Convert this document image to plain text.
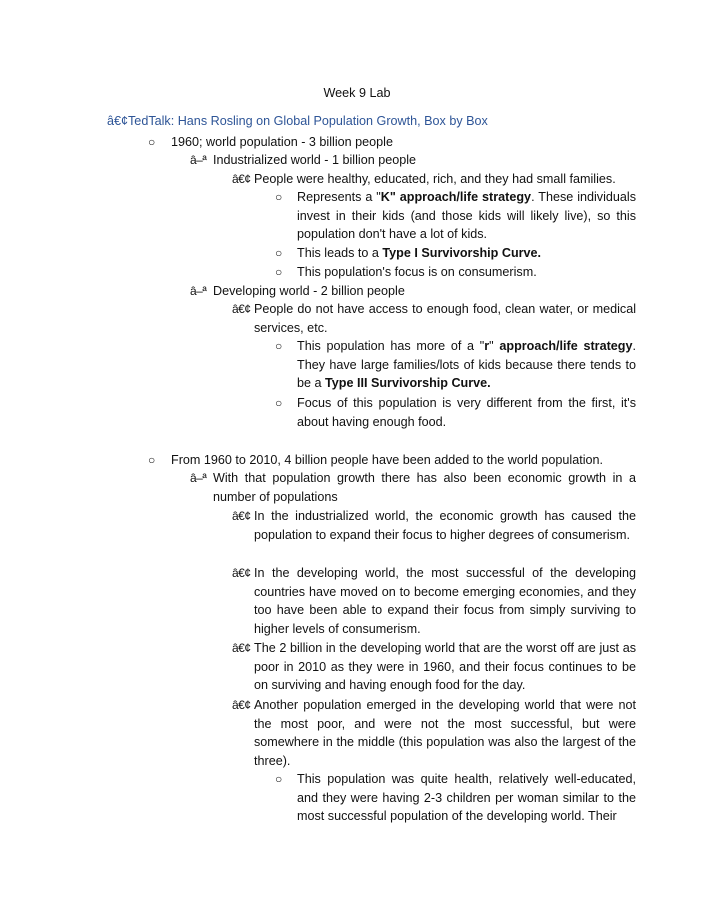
Week 9 Lab
â€¢TedTalk: Hans Rosling on Global Population Growth, Box by Box
○ 1960; world population - 3 billion people
â–ª Industrialized world - 1 billion people
â€¢ People were healthy, educated, rich, and they had small families.
○ Represents a "K" approach/life strategy. These individuals invest in their kids (and those kids will likely live), so this population don't have a lot of kids.
○ This leads to a Type I Survivorship Curve.
○ This population's focus is on consumerism.
â–ª Developing world - 2 billion people
â€¢ People do not have access to enough food, clean water, or medical services, etc.
○ This population has more of a "r" approach/life strategy. They have large families/lots of kids because there tends to be a Type III Survivorship Curve.
○ Focus of this population is very different from the first, it's about having enough food.
○ From 1960 to 2010, 4 billion people have been added to the world population.
â–ª With that population growth there has also been economic growth in a number of populations
â€¢ In the industrialized world, the economic growth has caused the population to expand their focus to higher degrees of consumerism.
â€¢ In the developing world, the most successful of the developing countries have moved on to become emerging economies, and they too have been able to expand their focus from simply surviving to higher levels of consumerism.
â€¢ The 2 billion in the developing world that are the worst off are just as poor in 2010 as they were in 1960, and their focus continues to be on surviving and having enough food for the day.
â€¢ Another population emerged in the developing world that were not the most poor, and were not the most successful, but were somewhere in the middle (this population was also the largest of the three).
○ This population was quite health, relatively well-educated, and they were having 2-3 children per woman similar to the most successful population of the developing world. Their
